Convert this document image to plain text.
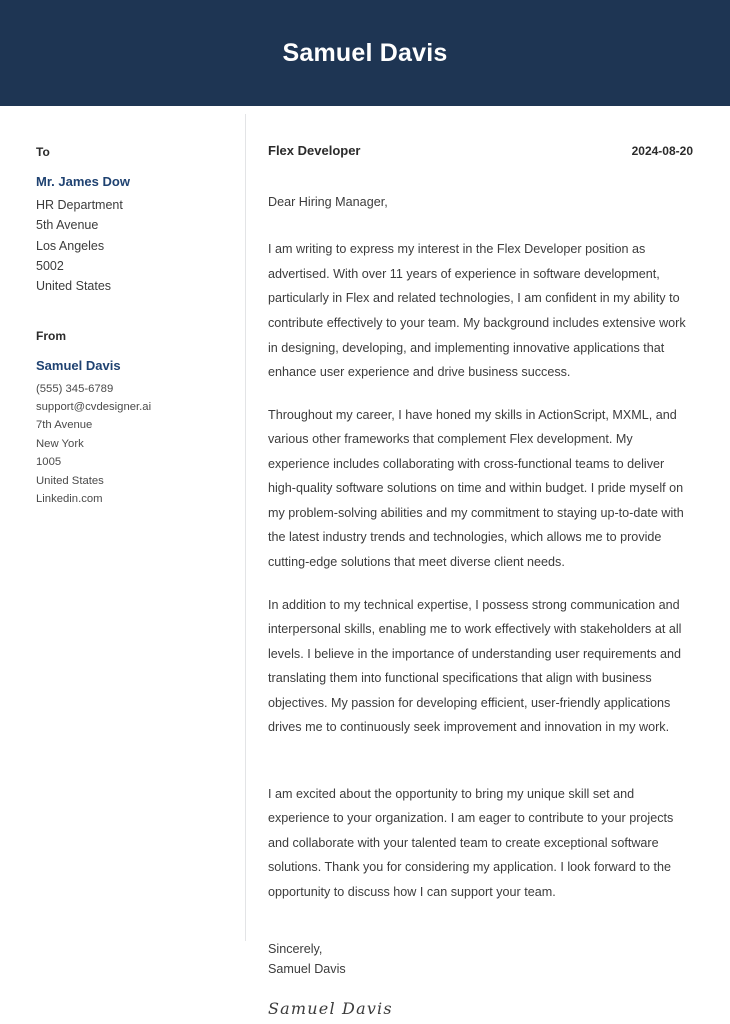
Samuel Davis
To
Mr. James Dow
HR Department
5th Avenue
Los Angeles
5002
United States
From
Samuel Davis
(555) 345-6789
support@cvdesigner.ai
7th Avenue
New York
1005
United States
Linkedin.com
Flex Developer	2024-08-20
Dear Hiring Manager,

I am writing to express my interest in the Flex Developer position as advertised. With over 11 years of experience in software development, particularly in Flex and related technologies, I am confident in my ability to contribute effectively to your team. My background includes extensive work in designing, developing, and implementing innovative applications that enhance user experience and drive business success.

Throughout my career, I have honed my skills in ActionScript, MXML, and various other frameworks that complement Flex development. My experience includes collaborating with cross-functional teams to deliver high-quality software solutions on time and within budget. I pride myself on my problem-solving abilities and my commitment to staying up-to-date with the latest industry trends and technologies, which allows me to provide cutting-edge solutions that meet diverse client needs.

In addition to my technical expertise, I possess strong communication and interpersonal skills, enabling me to work effectively with stakeholders at all levels. I believe in the importance of understanding user requirements and translating them into functional specifications that align with business objectives. My passion for developing efficient, user-friendly applications drives me to continuously seek improvement and innovation in my work.

I am excited about the opportunity to bring my unique skill set and experience to your organization. I am eager to contribute to your projects and collaborate with your talented team to create exceptional software solutions. Thank you for considering my application. I look forward to the opportunity to discuss how I can support your team.

Sincerely,
Samuel Davis
Samuel Davis
